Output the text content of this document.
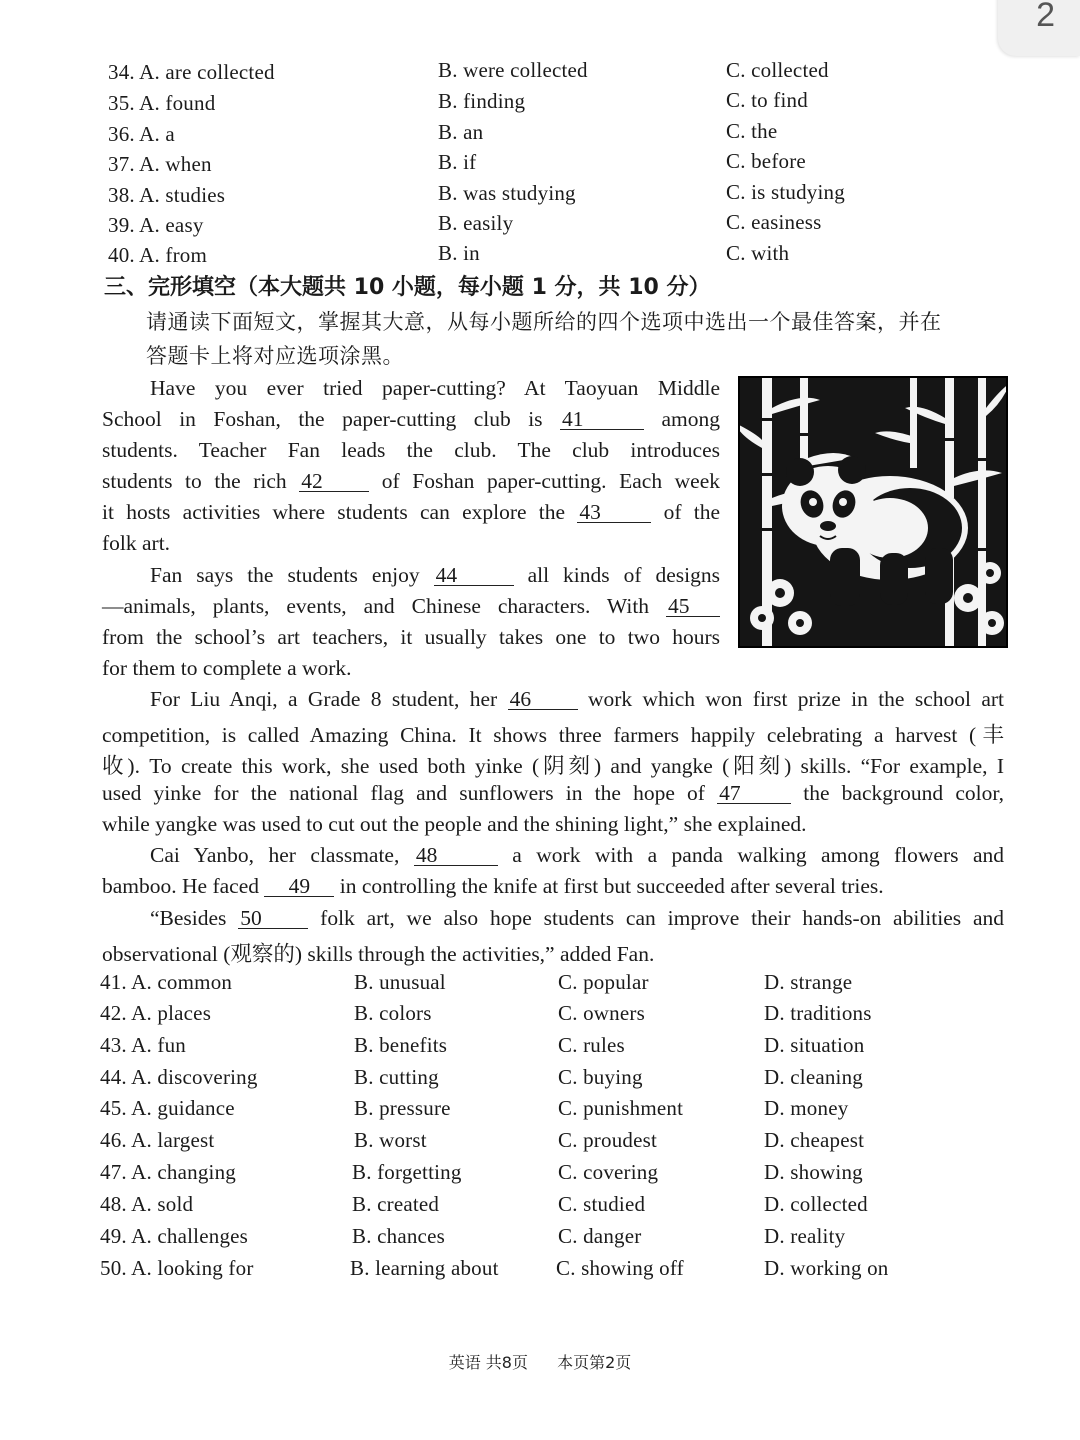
2
34. A. are collected	B. were collected	C. collected
35. A. found	B. finding	C. to find
36. A. a	B. an	C. the
37. A. when	B. if	C. before
38. A. studies	B. was studying	C. is studying
39. A. easy	B. easily	C. easiness
40. A. from	B. in	C. with
三、完形填空（本大题共 10 小题，每小题 1 分，共 10 分）
请通读下面短文，掌握其大意，从每小题所给的四个选项中选出一个最佳答案，并在
答题卡上将对应选项涂黑。
Have you ever tried paper-cutting? At Taoyuan Middle
School in Foshan, the paper-cutting club is 41	among
students. Teacher Fan leads the club. The club introduces
students to the rich 42	of Foshan paper-cutting. Each week
it hosts activities where students can explore the 43	of the
folk art.
Fan says the students enjoy 44	all kinds of designs
—animals, plants, events, and Chinese characters. With 45
from the school’s art teachers, it usually takes one to two hours
for them to complete a work.
For Liu Anqi, a Grade 8 student, her 46	work which won first prize in the school art
competition, is called Amazing China. It shows three farmers happily celebrating a harvest (丰
收). To create this work, she used both yinke (阴刻) and yangke (阳刻) skills. “For example, I
used yinke for the national flag and sunflowers in the hope of 47	the background color,
while yangke was used to cut out the people and the shining light,” she explained.
Cai Yanbo, her classmate, 48	a work with a panda walking among flowers and
bamboo. He faced 49 in controlling the knife at first but succeeded after several tries.
“Besides 50	folk art, we also hope students can improve their hands-on abilities and
observational (观察的) skills through the activities,” added Fan.
41. A. common	B. unusual	C. popular	D. strange
42. A. places	B. colors	C. owners	D. traditions
43. A. fun	B. benefits	C. rules	D. situation
44. A. discovering	B. cutting	C. buying	D. cleaning
45. A. guidance	B. pressure	C. punishment	D. money
46. A. largest	B. worst	C. proudest	D. cheapest
47. A. changing	B. forgetting	C. covering	D. showing
48. A. sold	B. created	C. studied	D. collected
49. A. challenges	B. chances	C. danger	D. reality
50. A. looking for	B. learning about	C. showing off	D. working on
英语 共8页 本页第2页
